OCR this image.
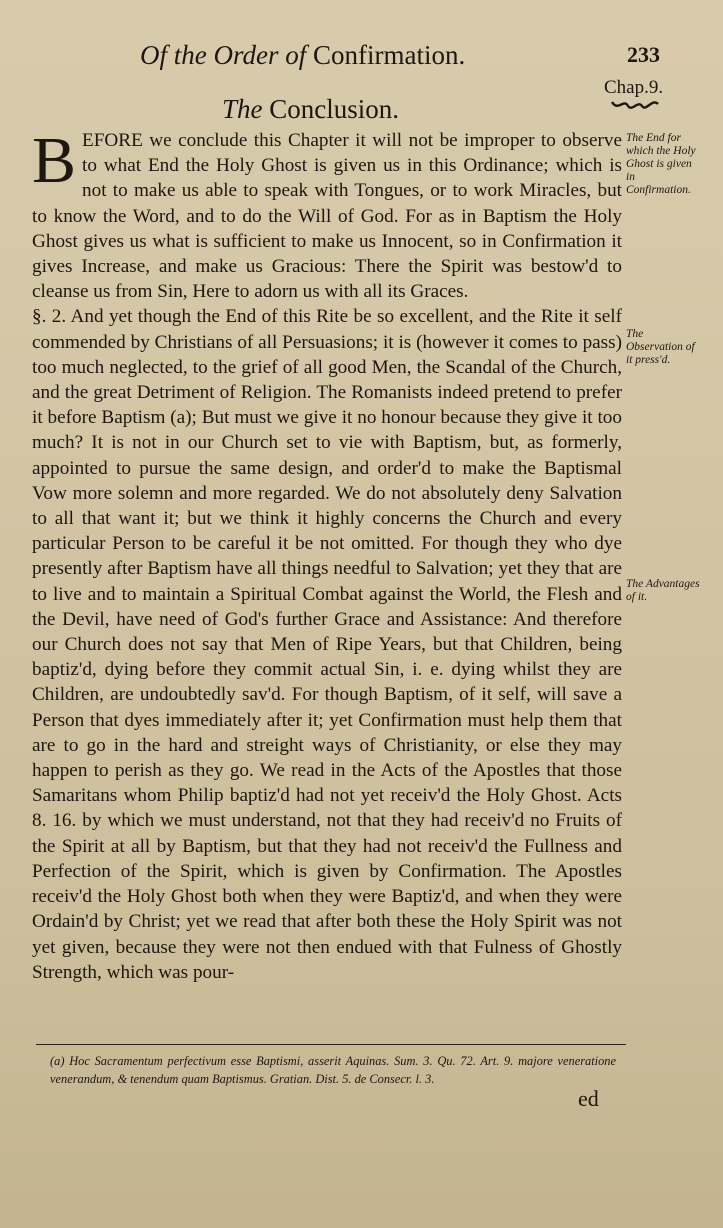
Of the Order of Confirmation.	233
Chap.9.
The Conclusion.

BEFORE we conclude this Chapter it will not be improper to observe to what End the Holy Ghost is given us in this Ordinance; which is not to make us able to speak with Tongues, or to work Miracles, but to know the Word, and to do the Will of God. For as in Baptism the Holy Ghost gives us what is sufficient to make us Innocent, so in Confirmation it gives Increase, and make us Gracious: There the Spirit was bestow'd to cleanse us from Sin, Here to adorn us with all its Graces.

§. 2. And yet though the End of this Rite be so excellent, and the Rite it self commended by Christians of all Persuasions; it is (however it comes to pass) too much neglected, to the grief of all good Men, the Scandal of the Church, and the great Detriment of Religion. The Romanists indeed pretend to prefer it before Baptism (a); But must we give it no honour because they give it too much? It is not in our Church set to vie with Baptism, but, as formerly, appointed to pursue the same design, and order'd to make the Baptismal Vow more solemn and more regarded. We do not absolutely deny Salvation to all that want it; but we think it highly concerns the Church and every particular Person to be careful it be not omitted. For though they who dye presently after Baptism have all things needful to Salvation; yet they that are to live and to maintain a Spiritual Combat against the World, the Flesh and the Devil, have need of God's further Grace and Assistance: And therefore our Church does not say that Men of Ripe Years, but that Children, being baptiz'd, dying before they commit actual Sin, i. e. dying whilst they are Children, are undoubtedly sav'd. For though Baptism, of it self, will save a Person that dyes immediately after it; yet Confirmation must help them that are to go in the hard and streight ways of Christianity, or else they may happen to perish as they go. We read in the Acts of the Apostles that those Samaritans whom Philip baptiz'd had not yet receiv'd the Holy Ghost. Acts 8. 16. by which we must understand, not that they had receiv'd no Fruits of the Spirit at all by Baptism, but that they had not receiv'd the Fullness and Perfection of the Spirit, which is given by Confirmation. The Apostles receiv'd the Holy Ghost both when they were Baptiz'd, and when they were Ordain'd by Christ; yet we read that after both these the Holy Spirit was not yet given, because they were not then endued with that Fulness of Ghostly Strength, which was pour-

The End for which the Holy Ghost is given in Confirmation.
The Observation of it press'd.
The Advantages of it.
(a) Hoc Sacramentum perfectivum esse Baptismi, asserit Aquinas. Sum. 3. Qu. 72. Art. 9. majore veneratione venerandum, & tenendum quam Baptismus. Gratian. Dist. 5. de Consecr. l. 3.
ed
